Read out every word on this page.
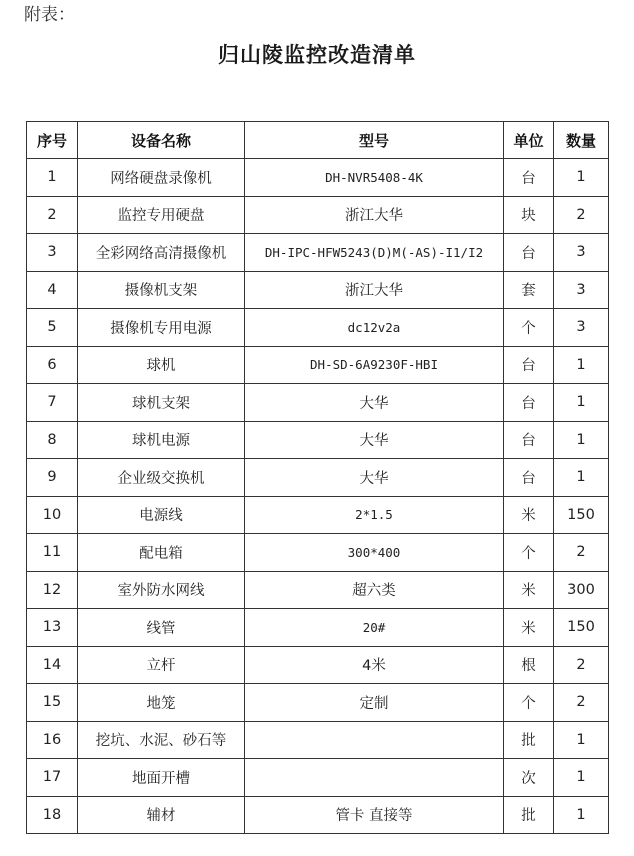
附表：
归山陵监控改造清单
序号	设备名称	型号	单位	数量
1	网络硬盘录像机	DH-NVR5408-4K	台	1
2	监控专用硬盘	浙江大华	块	2
3	全彩网络高清摄像机	DH-IPC-HFW5243(D)M(-AS)-I1/I2	台	3
4	摄像机支架	浙江大华	套	3
5	摄像机专用电源	dc12v2a	个	3
6	球机	DH-SD-6A9230F-HBI	台	1
7	球机支架	大华	台	1
8	球机电源	大华	台	1
9	企业级交换机	大华	台	1
10	电源线	2*1.5	米	150
11	配电箱	300*400	个	2
12	室外防水网线	超六类	米	300
13	线管	20#	米	150
14	立杆	4米	根	2
15	地笼	定制	个	2
16	挖坑、水泥、砂石等		批	1
17	地面开槽		次	1
18	辅材	管卡 直接等	批	1
